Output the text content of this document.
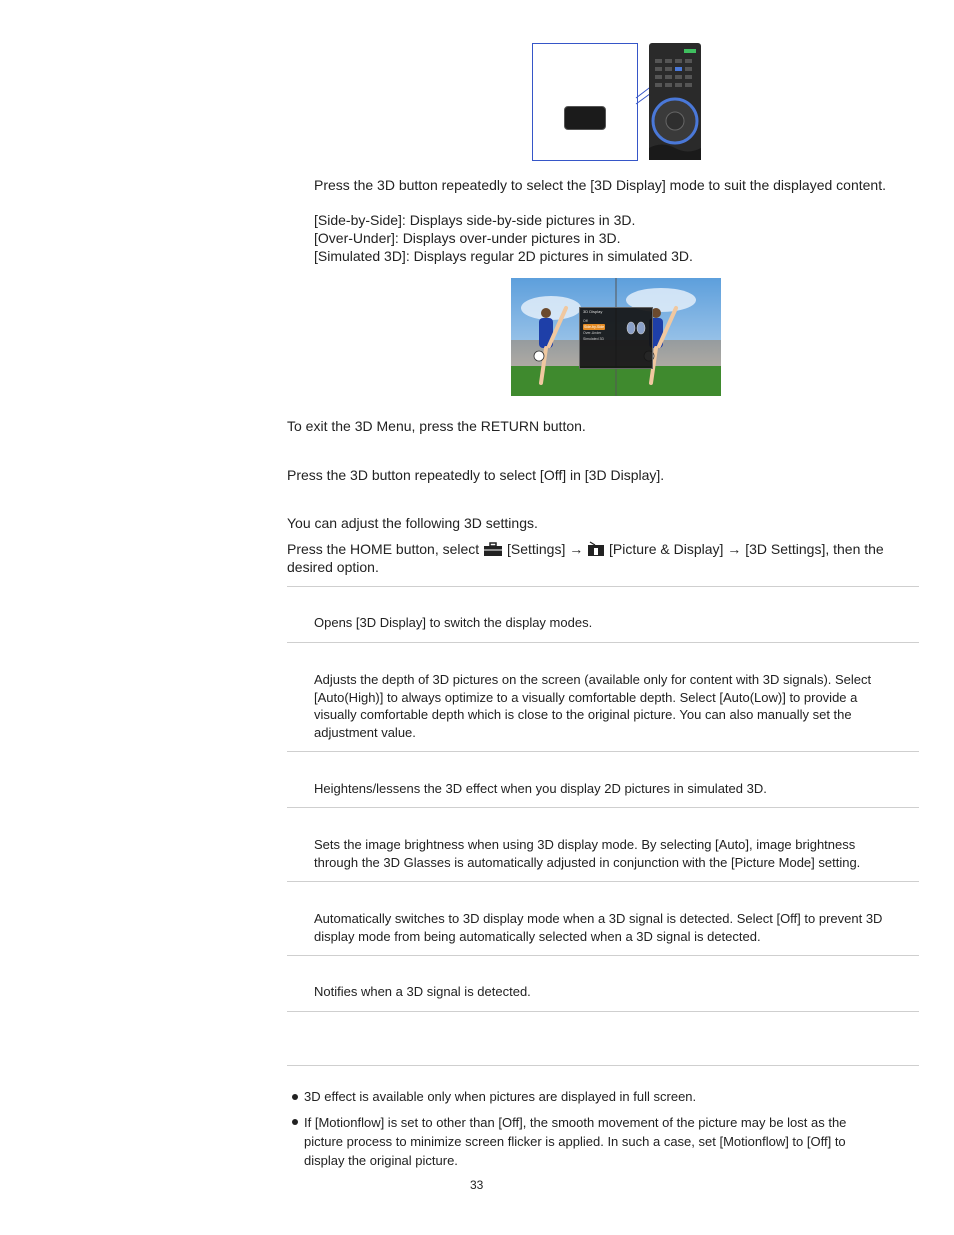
Press the 3D button repeatedly to select the [3D Display] mode to suit the displayed content.
[Side-by-Side]: Displays side-by-side pictures in 3D.
[Over-Under]: Displays over-under pictures in 3D.
[Simulated 3D]: Displays regular 2D pictures in simulated 3D.
3D Display
Off
Side-by-Side
Over-Under
Simulated 3D
To exit the 3D Menu, press the RETURN button.
Press the 3D button repeatedly to select [Off] in [3D Display].
You can adjust the following 3D settings.
Press the HOME button, select  [Settings] → [Picture & Display] → [3D Settings], then the
desired option.
Opens [3D Display] to switch the display modes.
Adjusts the depth of 3D pictures on the screen (available only for content with 3D signals). Select
[Auto(High)] to always optimize to a visually comfortable depth. Select [Auto(Low)] to provide a
visually comfortable depth which is close to the original picture. You can also manually set the
adjustment value.
Heightens/lessens the 3D effect when you display 2D pictures in simulated 3D.
Sets the image brightness when using 3D display mode. By selecting [Auto], image brightness
through the 3D Glasses is automatically adjusted in conjunction with the [Picture Mode] setting.
Automatically switches to 3D display mode when a 3D signal is detected. Select [Off] to prevent 3D
display mode from being automatically selected when a 3D signal is detected.
Notifies when a 3D signal is detected.
3D effect is available only when pictures are displayed in full screen.
If [Motionflow] is set to other than [Off], the smooth movement of the picture may be lost as the
picture process to minimize screen flicker is applied. In such a case, set [Motionflow] to [Off] to
display the original picture.
33
